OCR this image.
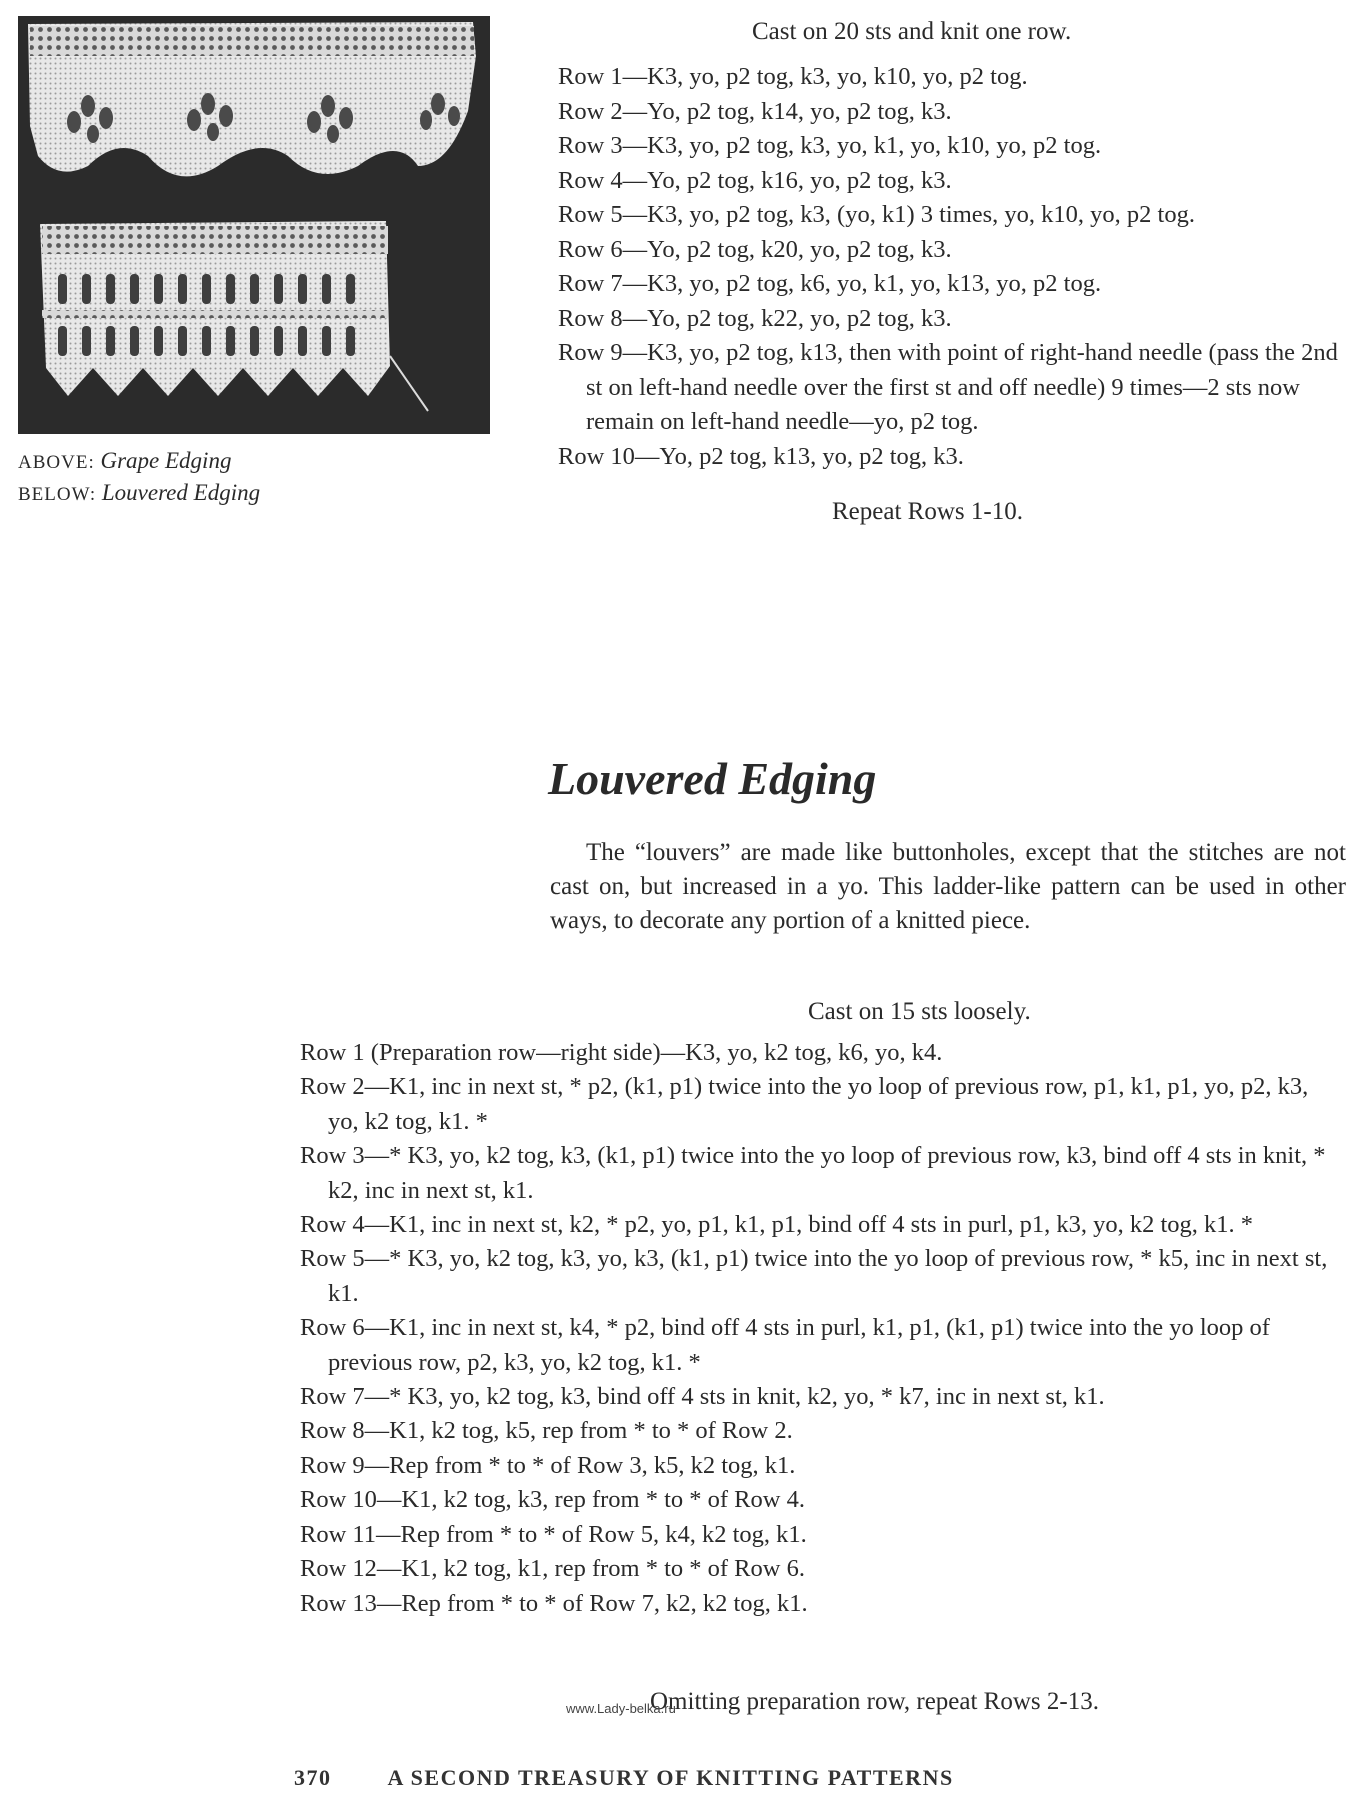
ABOVE: Grape Edging
BELOW: Louvered Edging
Cast on 20 sts and knit one row.
Row 1—K3, yo, p2 tog, k3, yo, k10, yo, p2 tog.
Row 2—Yo, p2 tog, k14, yo, p2 tog, k3.
Row 3—K3, yo, p2 tog, k3, yo, k1, yo, k10, yo, p2 tog.
Row 4—Yo, p2 tog, k16, yo, p2 tog, k3.
Row 5—K3, yo, p2 tog, k3, (yo, k1) 3 times, yo, k10, yo, p2 tog.
Row 6—Yo, p2 tog, k20, yo, p2 tog, k3.
Row 7—K3, yo, p2 tog, k6, yo, k1, yo, k13, yo, p2 tog.
Row 8—Yo, p2 tog, k22, yo, p2 tog, k3.
Row 9—K3, yo, p2 tog, k13, then with point of right-hand needle (pass the 2nd st on left-hand needle over the first st and off needle) 9 times—2 sts now remain on left-hand needle—yo, p2 tog.
Row 10—Yo, p2 tog, k13, yo, p2 tog, k3.
Repeat Rows 1-10.
Louvered Edging

The “louvers” are made like buttonholes, except that the stitches are not cast on, but increased in a yo. This ladder-like pattern can be used in other ways, to decorate any portion of a knitted piece.

Cast on 15 sts loosely.
Row 1 (Preparation row—right side)—K3, yo, k2 tog, k6, yo, k4.
Row 2—K1, inc in next st, * p2, (k1, p1) twice into the yo loop of previous row, p1, k1, p1, yo, p2, k3, yo, k2 tog, k1. *
Row 3—* K3, yo, k2 tog, k3, (k1, p1) twice into the yo loop of previous row, k3, bind off 4 sts in knit, * k2, inc in next st, k1.
Row 4—K1, inc in next st, k2, * p2, yo, p1, k1, p1, bind off 4 sts in purl, p1, k3, yo, k2 tog, k1. *
Row 5—* K3, yo, k2 tog, k3, yo, k3, (k1, p1) twice into the yo loop of previous row, * k5, inc in next st, k1.
Row 6—K1, inc in next st, k4, * p2, bind off 4 sts in purl, k1, p1, (k1, p1) twice into the yo loop of previous row, p2, k3, yo, k2 tog, k1. *
Row 7—* K3, yo, k2 tog, k3, bind off 4 sts in knit, k2, yo, * k7, inc in next st, k1.
Row 8—K1, k2 tog, k5, rep from * to * of Row 2.
Row 9—Rep from * to * of Row 3, k5, k2 tog, k1.
Row 10—K1, k2 tog, k3, rep from * to * of Row 4.
Row 11—Rep from * to * of Row 5, k4, k2 tog, k1.
Row 12—K1, k2 tog, k1, rep from * to * of Row 6.
Row 13—Rep from * to * of Row 7, k2, k2 tog, k1.
Omitting preparation row, repeat Rows 2-13.
www.Lady-belka.ru
370	A SECOND TREASURY OF KNITTING PATTERNS
